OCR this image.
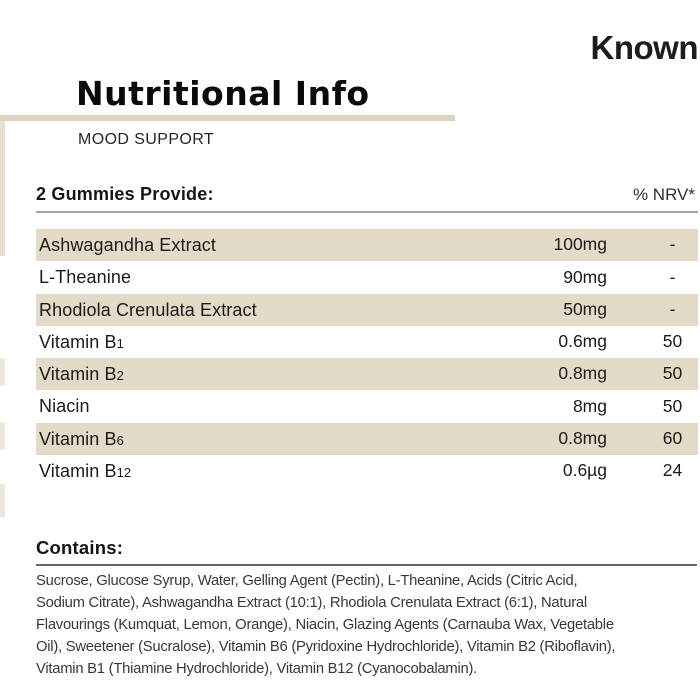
Known
Nutritional Info
MOOD SUPPORT
2 Gummies Provide:	% NRV*
Ashwagandha Extract	100mg	-
L-Theanine	90mg	-
Rhodiola Crenulata Extract	50mg	-
Vitamin B1	0.6mg	50
Vitamin B2	0.8mg	50
Niacin	8mg	50
Vitamin B6	0.8mg	60
Vitamin B12	0.6µg	24
Contains:
Sucrose, Glucose Syrup, Water, Gelling Agent (Pectin), L-Theanine, Acids (Citric Acid,
Sodium Citrate), Ashwagandha Extract (10:1), Rhodiola Crenulata Extract (6:1), Natural
Flavourings (Kumquat, Lemon, Orange), Niacin, Glazing Agents (Carnauba Wax, Vegetable
Oil), Sweetener (Sucralose), Vitamin B6 (Pyridoxine Hydrochloride), Vitamin B2 (Riboflavin),
Vitamin B1 (Thiamine Hydrochloride), Vitamin B12 (Cyanocobalamin).
